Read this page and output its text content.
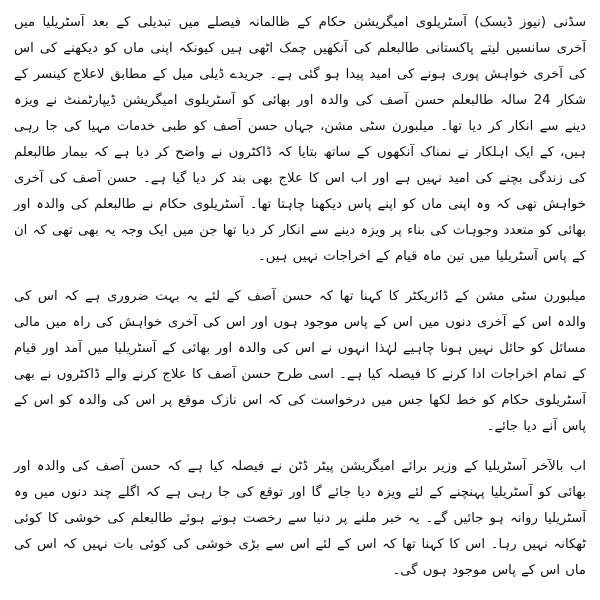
سڈنی (نیوز ڈیسک) آسٹریلوی امیگریشن حکام کے ظالمانہ فیصلے میں تبدیلی کے بعد آسٹریلیا میں آخری سانسیں لیتے پاکستانی طالبعلم کی آنکھیں چمک اٹھی ہیں کیونکہ اپنی ماں کو دیکھنے کی اس کی آخری خواہش پوری ہونے کی امید پیدا ہو گئی ہے۔ جریدے ڈیلی میل کے مطابق لاعلاج کینسر کے شکار 24 سالہ طالبعلم حسن آصف کی والدہ اور بھائی کو آسٹریلوی امیگریشن ڈیپارٹمنٹ نے ویزہ دینے سے انکار کر دیا تھا۔ میلبورن سٹی مشن، جہاں حسن آصف کو طبی خدمات مہیا کی جا رہی ہیں، کے ایک اہلکار نے نمناک آنکھوں کے ساتھ بتایا کہ ڈاکٹروں نے واضح کر دیا ہے کہ بیمار طالبعلم کی زندگی بچنے کی امید نہیں ہے اور اب اس کا علاج بھی بند کر دیا گیا ہے۔ حسن آصف کی آخری خواہش تھی کہ وہ اپنی ماں کو اپنے پاس دیکھنا چاہتا تھا۔ آسٹریلوی حکام نے طالبعلم کی والدہ اور بھائی کو متعدد وجوہات کی بناء پر ویزہ دینے سے انکار کر دیا تھا جن میں ایک وجہ یہ بھی تھی کہ ان کے پاس آسٹریلیا میں تین ماہ قیام کے اخراجات نہیں ہیں۔

میلبورن سٹی مشن کے ڈائریکٹر کا کہنا تھا کہ حسن آصف کے لئے یہ بہت ضروری ہے کہ اس کی والدہ اس کے آخری دنوں میں اس کے پاس موجود ہوں اور اس کی آخری خواہش کی راہ میں مالی مسائل کو حائل نہیں ہونا چاہیے لہٰذا انہوں نے اس کی والدہ اور بھائی کے آسٹریلیا میں آمد اور قیام کے تمام اخراجات ادا کرنے کا فیصلہ کیا ہے۔ اسی طرح حسن آصف کا علاج کرنے والے ڈاکٹروں نے بھی آسٹریلوی حکام کو خط لکھا جس میں درخواست کی کہ اس نازک موقع پر اس کی والدہ کو اس کے پاس آنے دیا جائے۔

اب بالآخر آسٹریلیا کے وزیر برائے امیگریشن پیٹر ڈٹن نے فیصلہ کیا ہے کہ حسن آصف کی والدہ اور بھائی کو آسٹریلیا پہنچنے کے لئے ویزہ دیا جائے گا اور توقع کی جا رہی ہے کہ اگلے چند دنوں میں وہ آسٹریلیا روانہ ہو جائیں گے۔ یہ خبر ملنے پر دنیا سے رخصت ہوتے ہوئے طالبعلم کی خوشی کا کوئی ٹھکانہ نہیں رہا۔ اس کا کہنا تھا کہ اس کے لئے اس سے بڑی خوشی کی کوئی بات نہیں کہ اس کی ماں اس کے پاس موجود ہوں گی۔
